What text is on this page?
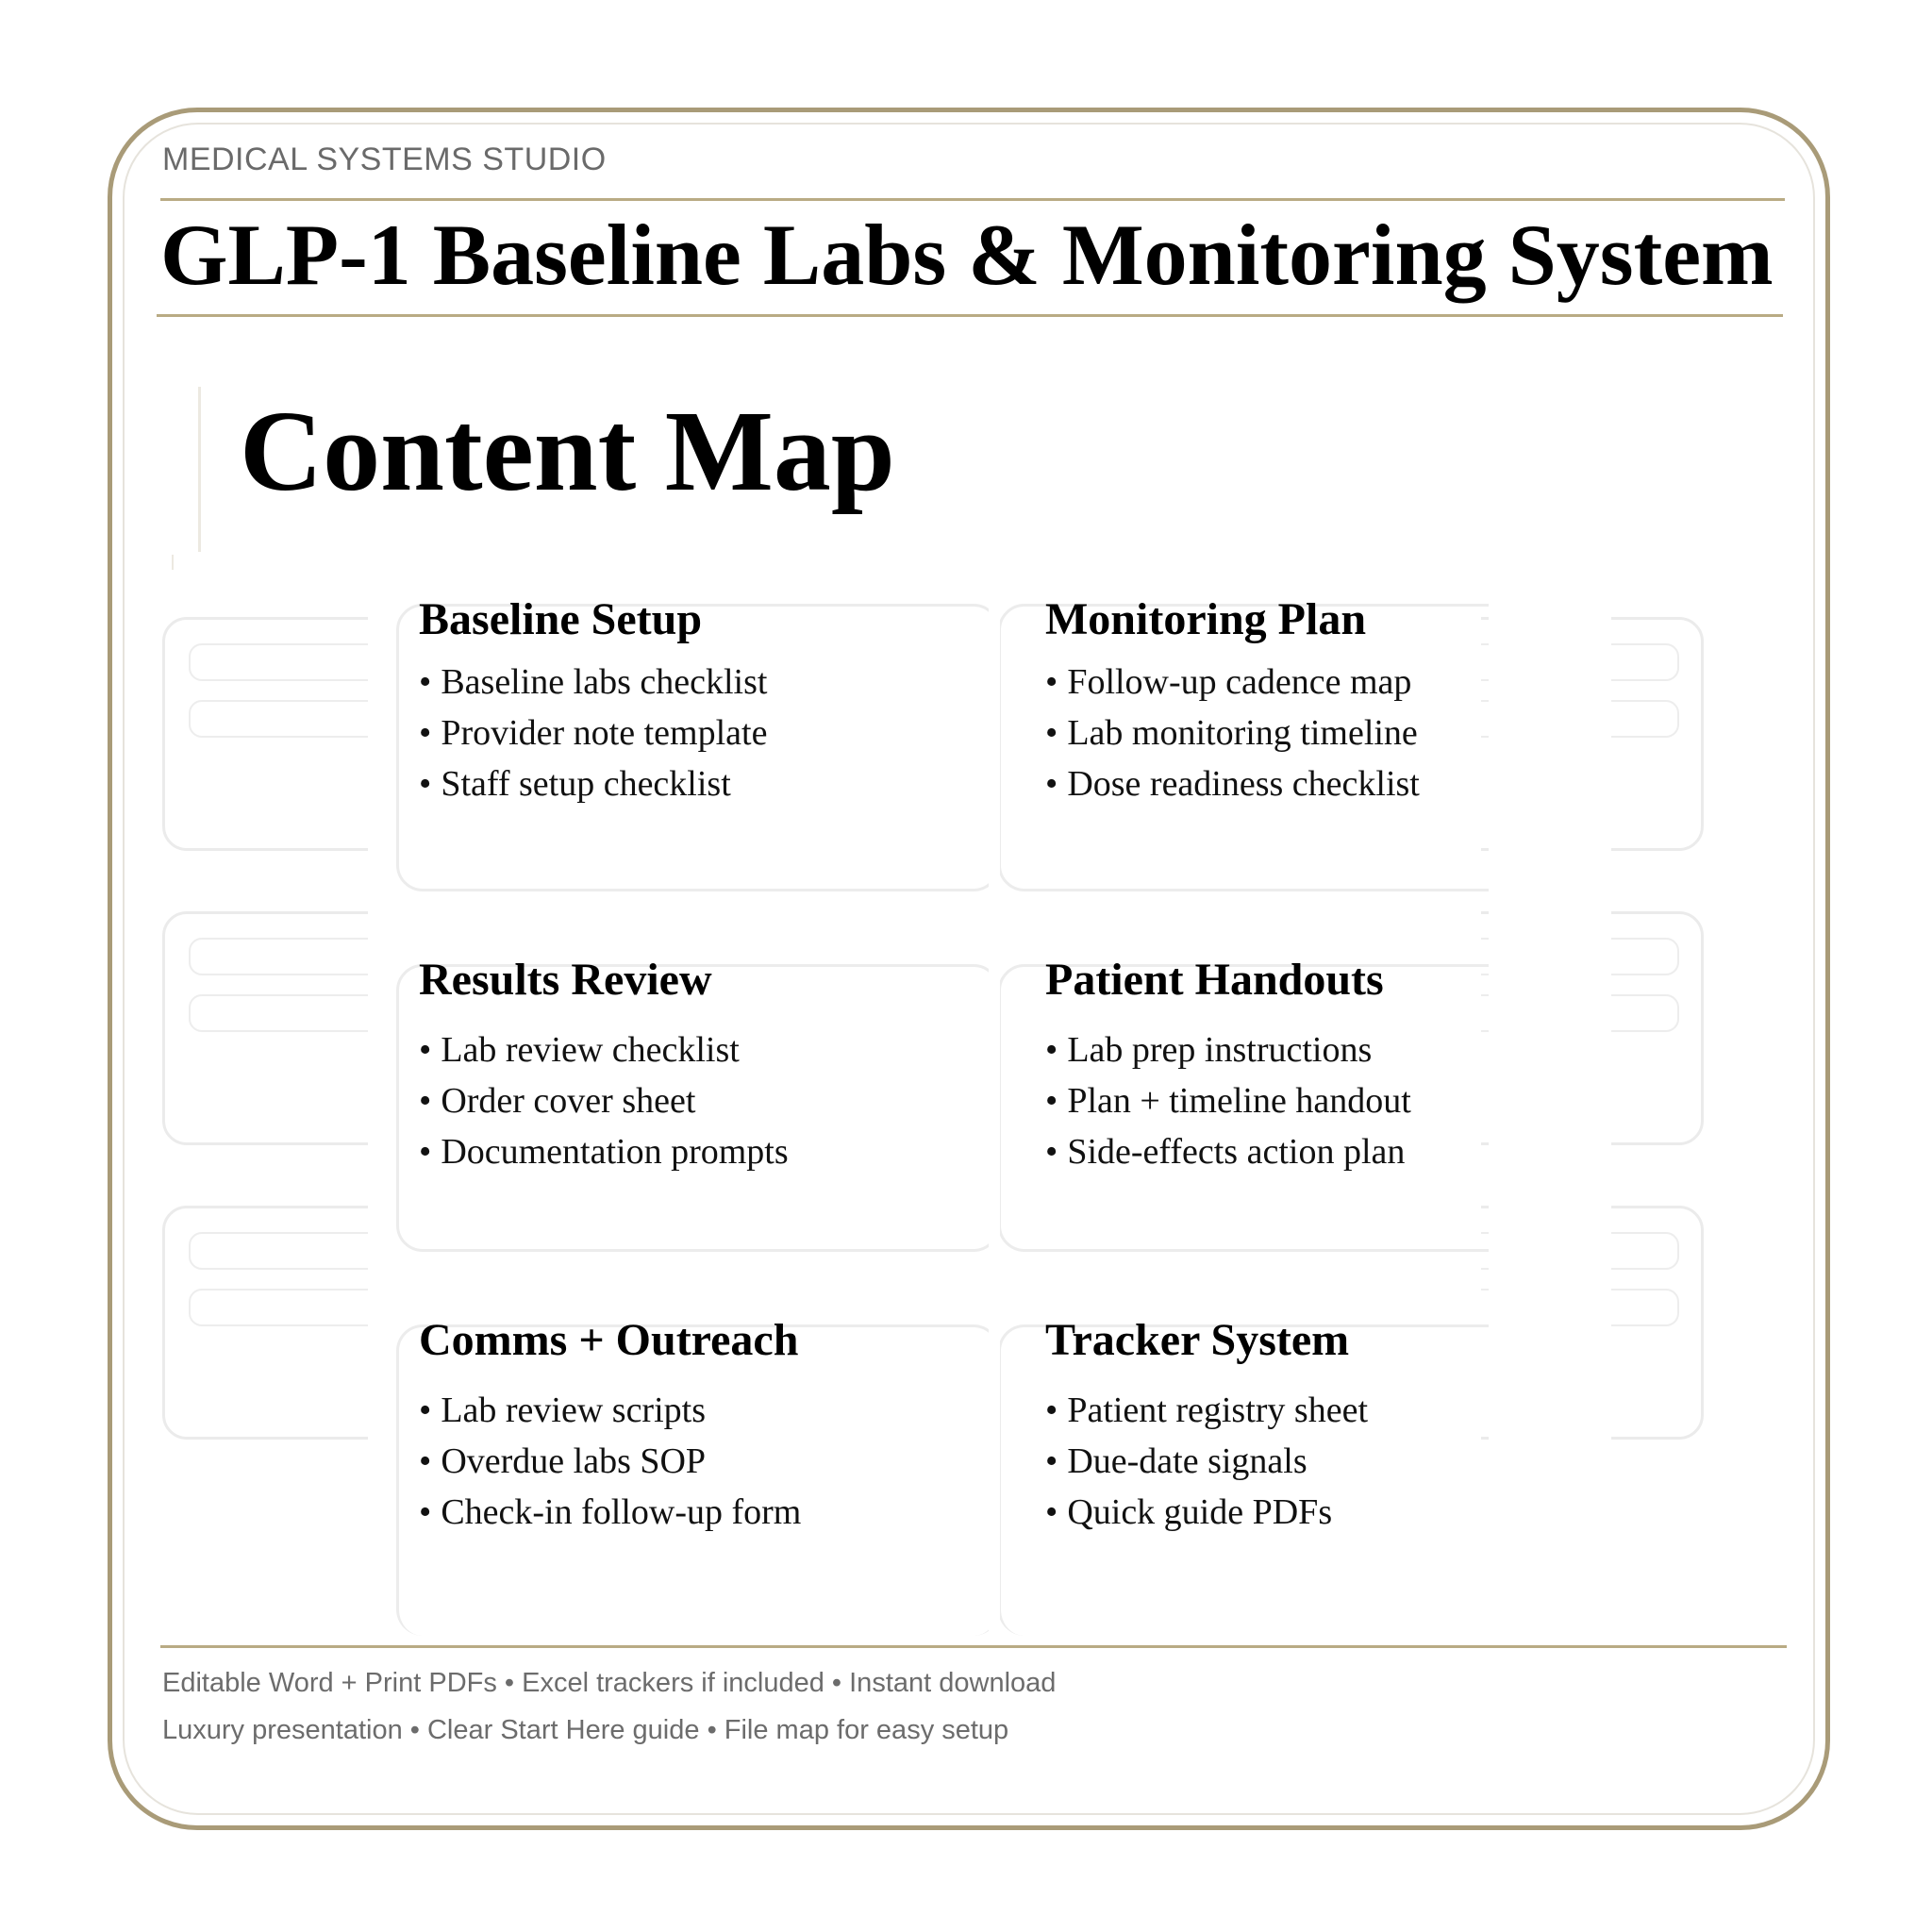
MEDICAL SYSTEMS STUDIO
GLP-1 Baseline Labs & Monitoring System
Content Map
Baseline Setup
• Baseline labs checklist
• Provider note template
• Staff setup checklist
Monitoring Plan
• Follow-up cadence map
• Lab monitoring timeline
• Dose readiness checklist
Results Review
• Lab review checklist
• Order cover sheet
• Documentation prompts
Patient Handouts
• Lab prep instructions
• Plan + timeline handout
• Side-effects action plan
Comms + Outreach
• Lab review scripts
• Overdue labs SOP
• Check-in follow-up form
Tracker System
• Patient registry sheet
• Due-date signals
• Quick guide PDFs
Editable Word + Print PDFs • Excel trackers if included • Instant download
Luxury presentation • Clear Start Here guide • File map for easy setup
